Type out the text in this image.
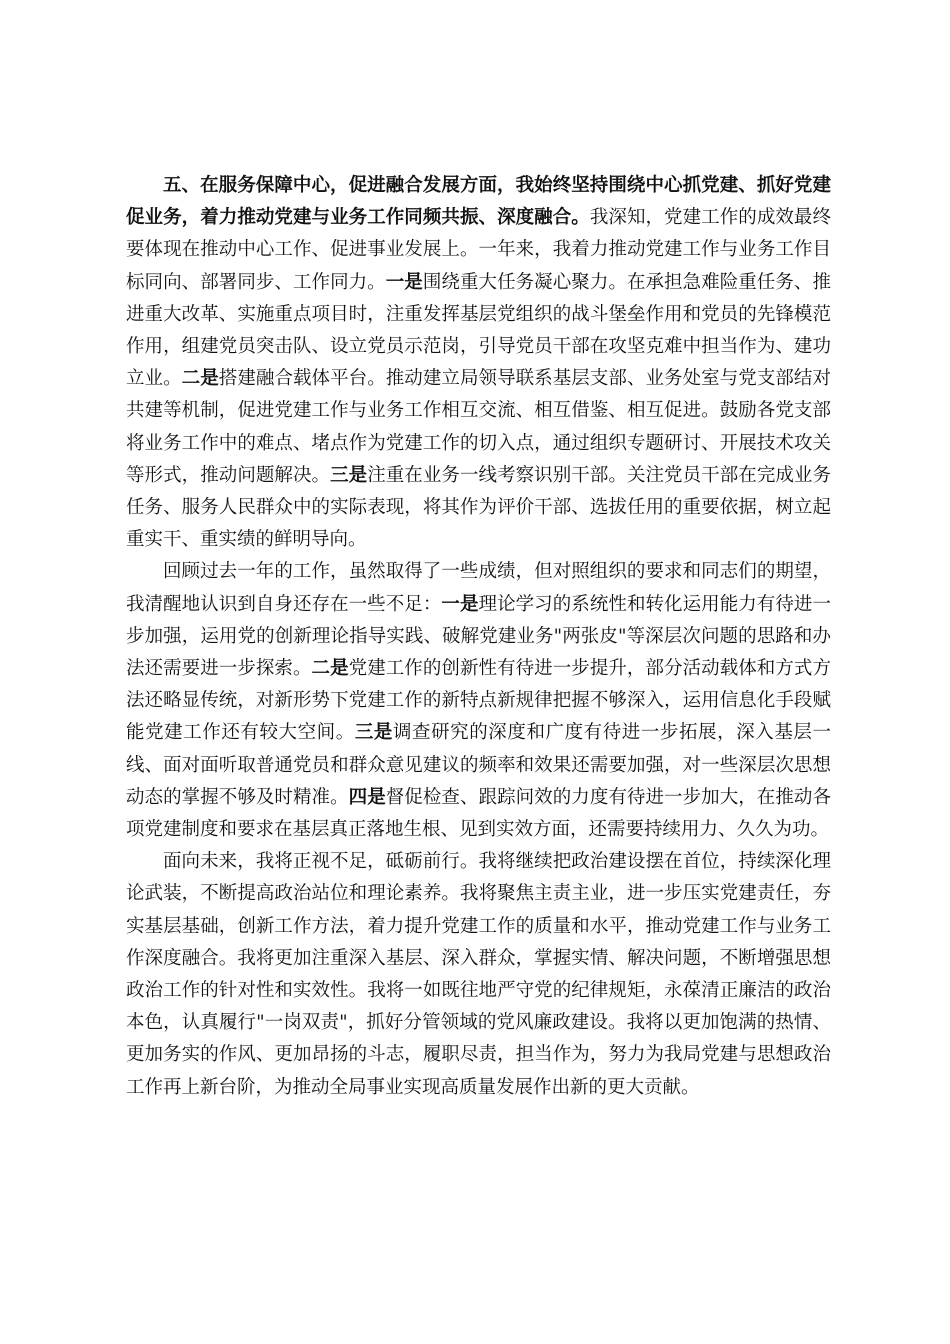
五、在服务保障中心，促进融合发展方面，我始终坚持围绕中心抓党建、抓好党建促业务，着力推动党建与业务工作同频共振、深度融合。我深知，党建工作的成效最终要体现在推动中心工作、促进事业发展上。一年来，我着力推动党建工作与业务工作目标同向、部署同步、工作同力。一是围绕重大任务凝心聚力。在承担急难险重任务、推进重大改革、实施重点项目时，注重发挥基层党组织的战斗堡垒作用和党员的先锋模范作用，组建党员突击队、设立党员示范岗，引导党员干部在攻坚克难中担当作为、建功立业。二是搭建融合载体平台。推动建立局领导联系基层支部、业务处室与党支部结对共建等机制，促进党建工作与业务工作相互交流、相互借鉴、相互促进。鼓励各党支部将业务工作中的难点、堵点作为党建工作的切入点，通过组织专题研讨、开展技术攻关等形式，推动问题解决。三是注重在业务一线考察识别干部。关注党员干部在完成业务任务、服务人民群众中的实际表现，将其作为评价干部、选拔任用的重要依据，树立起重实干、重实绩的鲜明导向。

回顾过去一年的工作，虽然取得了一些成绩，但对照组织的要求和同志们的期望，我清醒地认识到自身还存在一些不足：一是理论学习的系统性和转化运用能力有待进一步加强，运用党的创新理论指导实践、破解党建业务"两张皮"等深层次问题的思路和办法还需要进一步探索。二是党建工作的创新性有待进一步提升，部分活动载体和方式方法还略显传统，对新形势下党建工作的新特点新规律把握不够深入，运用信息化手段赋能党建工作还有较大空间。三是调查研究的深度和广度有待进一步拓展，深入基层一线、面对面听取普通党员和群众意见建议的频率和效果还需要加强，对一些深层次思想动态的掌握不够及时精准。四是督促检查、跟踪问效的力度有待进一步加大，在推动各项党建制度和要求在基层真正落地生根、见到实效方面，还需要持续用力、久久为功。

面向未来，我将正视不足，砥砺前行。我将继续把政治建设摆在首位，持续深化理论武装，不断提高政治站位和理论素养。我将聚焦主责主业，进一步压实党建责任，夯实基层基础，创新工作方法，着力提升党建工作的质量和水平，推动党建工作与业务工作深度融合。我将更加注重深入基层、深入群众，掌握实情、解决问题，不断增强思想政治工作的针对性和实效性。我将一如既往地严守党的纪律规矩，永葆清正廉洁的政治本色，认真履行"一岗双责"，抓好分管领域的党风廉政建设。我将以更加饱满的热情、更加务实的作风、更加昂扬的斗志，履职尽责，担当作为，努力为我局党建与思想政治工作再上新台阶，为推动全局事业实现高质量发展作出新的更大贡献。
